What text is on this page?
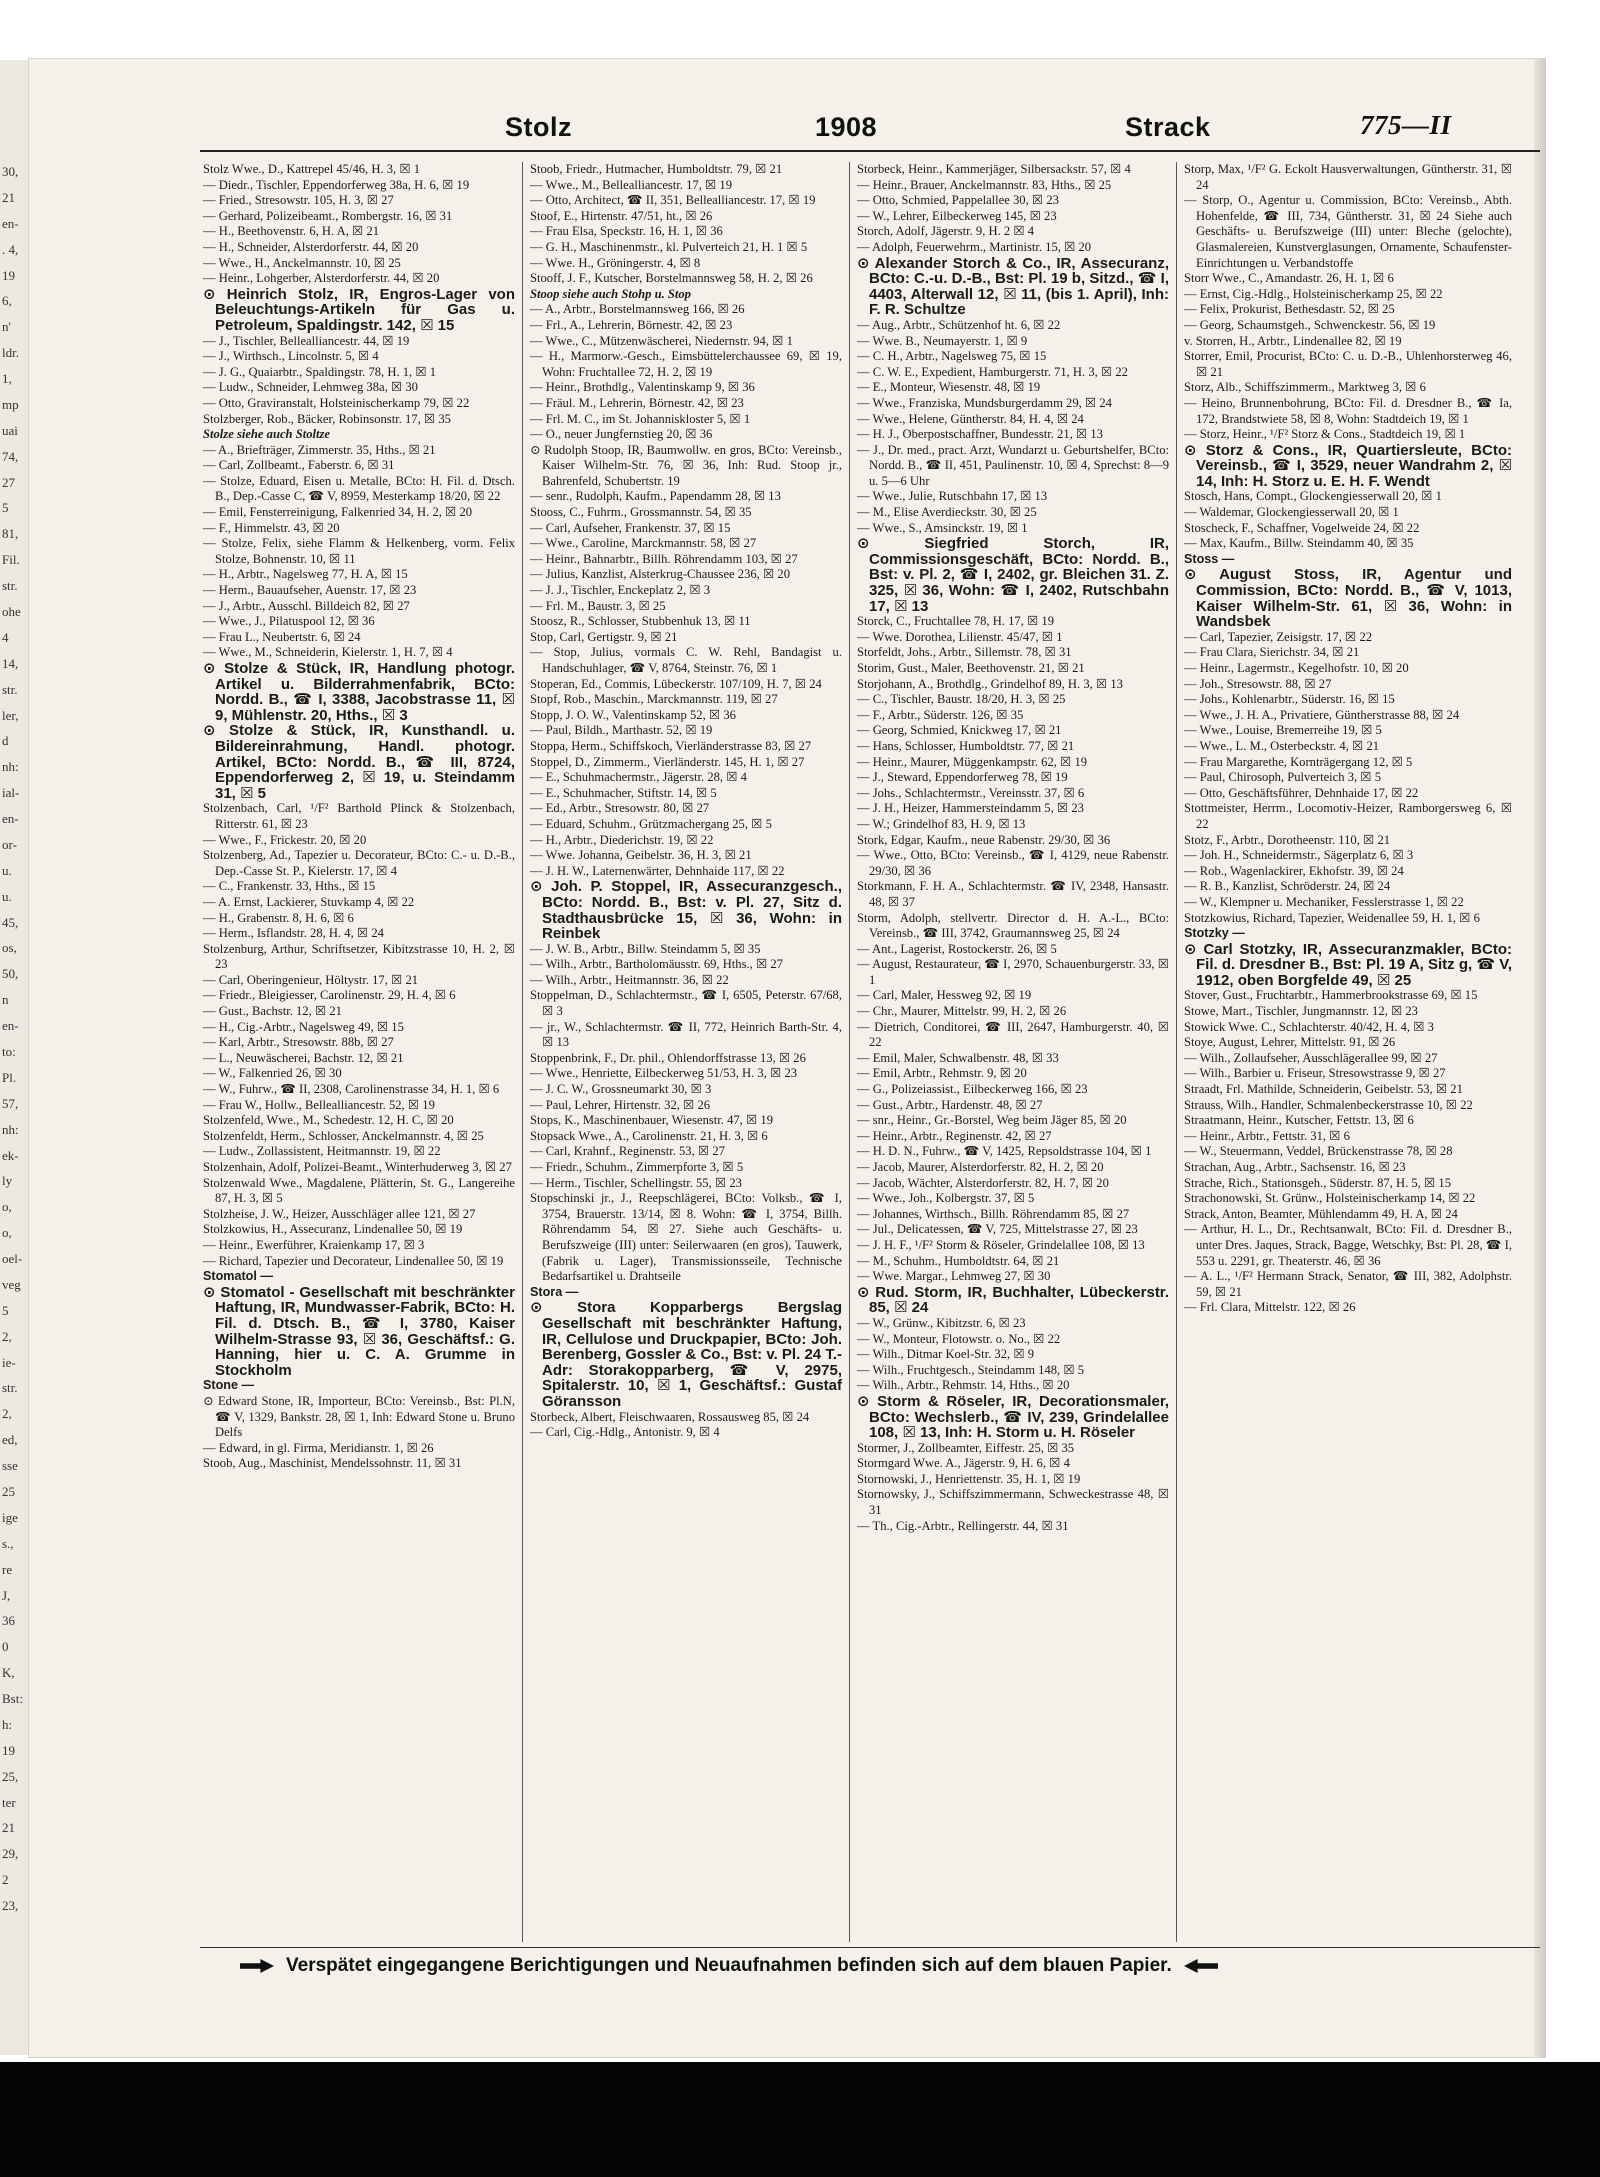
Stolz	1908	Strack	775—II
30,
21
en-
. 4,
19
6,
n'
ldr.
1,
mp
uai
74,
27
5
81,
Fil.
str.
ohe
4
14,
str.
ler,
d
nh:
ial-
en-
or-
u.
u.
45,
os,
50,
n
en-
to:
Pl.
57,
nh:
ek-
ly
o,
o,
oel-
veg
5
2,
ie-
str.
2,
ed,
sse
25
ige
s.,
re
J,
36
0
K,
Bst:
h:
19
25,
ter
21
29,
2
23,

Stolz Wwe., D., Kattrepel 45/46, H. 3, ☒ 1

— Diedr., Tischler, Eppendorferweg 38a, H. 6, ☒ 19

— Fried., Stresowstr. 105, H. 3, ☒ 27

— Gerhard, Polizeibeamt., Rombergstr. 16, ☒ 31

— H., Beethovenstr. 6, H. A, ☒ 21

— H., Schneider, Alsterdorferstr. 44, ☒ 20

— Wwe., H., Anckelmannstr. 10, ☒ 25

— Heinr., Lohgerber, Alsterdorferstr. 44, ☒ 20

⊙ Heinrich Stolz, IR, Engros-Lager von Beleuchtungs-Artikeln für Gas u. Petroleum, Spaldingstr. 142, ☒ 15

— J., Tischler, Bellealliancestr. 44, ☒ 19

— J., Wirthsch., Lincolnstr. 5, ☒ 4

— J. G., Quaiarbtr., Spaldingstr. 78, H. 1, ☒ 1

— Ludw., Schneider, Lehmweg 38a, ☒ 30

— Otto, Graviranstalt, Holsteinischerkamp 79, ☒ 22

Stolzberger, Rob., Bäcker, Robinsonstr. 17, ☒ 35

Stolze siehe auch Stoltze

— A., Briefträger, Zimmerstr. 35, Hths., ☒ 21

— Carl, Zollbeamt., Faberstr. 6, ☒ 31

— Stolze, Eduard, Eisen u. Metalle, BCto: H. Fil. d. Dtsch. B., Dep.-Casse C, ☎ V, 8959, Mesterkamp 18/20, ☒ 22

— Emil, Fensterreinigung, Falkenried 34, H. 2, ☒ 20

— F., Himmelstr. 43, ☒ 20

— Stolze, Felix, siehe Flamm & Helkenberg, vorm. Felix Stolze, Bohnenstr. 10, ☒ 11

— H., Arbtr., Nagelsweg 77, H. A, ☒ 15

— Herm., Bauaufseher, Auenstr. 17, ☒ 23

— J., Arbtr., Ausschl. Billdeich 82, ☒ 27

— Wwe., J., Pilatuspool 12, ☒ 36

— Frau L., Neubertstr. 6, ☒ 24

— Wwe., M., Schneiderin, Kielerstr. 1, H. 7, ☒ 4

⊙ Stolze & Stück, IR, Handlung photogr. Artikel u. Bilderrahmenfabrik, BCto: Nordd. B., ☎ I, 3388, Jacobstrasse 11, ☒ 9, Mühlenstr. 20, Hths., ☒ 3

⊙ Stolze & Stück, IR, Kunsthandl. u. Bildereinrahmung, Handl. photogr. Artikel, BCto: Nordd. B., ☎ III, 8724, Eppendorferweg 2, ☒ 19, u. Steindamm 31, ☒ 5

Stolzenbach, Carl, ¹/F² Barthold Plinck & Stolzenbach, Ritterstr. 61, ☒ 23

— Wwe., F., Frickestr. 20, ☒ 20

Stolzenberg, Ad., Tapezier u. Decorateur, BCto: C.- u. D.-B., Dep.-Casse St. P., Kielerstr. 17, ☒ 4

— C., Frankenstr. 33, Hths., ☒ 15

— A. Ernst, Lackierer, Stuvkamp 4, ☒ 22

— H., Grabenstr. 8, H. 6, ☒ 6

— Herm., Isflandstr. 28, H. 4, ☒ 24

Stolzenburg, Arthur, Schriftsetzer, Kibitzstrasse 10, H. 2, ☒ 23

— Carl, Oberingenieur, Höltystr. 17, ☒ 21

— Friedr., Bleigiesser, Carolinenstr. 29, H. 4, ☒ 6

— Gust., Bachstr. 12, ☒ 21

— H., Cig.-Arbtr., Nagelsweg 49, ☒ 15

— Karl, Arbtr., Stresowstr. 88b, ☒ 27

— L., Neuwäscherei, Bachstr. 12, ☒ 21

— W., Falkenried 26, ☒ 30

— W., Fuhrw., ☎ II, 2308, Carolinenstrasse 34, H. 1, ☒ 6

— Frau W., Hollw., Bellealliancestr. 52, ☒ 19

Stolzenfeld, Wwe., M., Schedestr. 12, H. C, ☒ 20

Stolzenfeldt, Herm., Schlosser, Anckelmannstr. 4, ☒ 25

— Ludw., Zollassistent, Heitmannstr. 19, ☒ 22

Stolzenhain, Adolf, Polizei-Beamt., Winterhuderweg 3, ☒ 27

Stolzenwald Wwe., Magdalene, Plätterin, St. G., Langereihe 87, H. 3, ☒ 5

Stolzheise, J. W., Heizer, Ausschläger allee 121, ☒ 27

Stolzkowius, H., Assecuranz, Lindenallee 50, ☒ 19

— Heinr., Ewerführer, Kraienkamp 17, ☒ 3

— Richard, Tapezier und Decorateur, Lindenallee 50, ☒ 19

Stomatol —

⊙ Stomatol - Gesellschaft mit beschränkter Haftung, IR, Mundwasser-Fabrik, BCto: H. Fil. d. Dtsch. B., ☎ I, 3780, Kaiser Wilhelm-Strasse 93, ☒ 36, Geschäftsf.: G. Hanning, hier u. C. A. Grumme in Stockholm

Stone —

⊙ Edward Stone, IR, Importeur, BCto: Vereinsb., Bst: Pl.N, ☎ V, 1329, Bankstr. 28, ☒ 1, Inh: Edward Stone u. Bruno Delfs

— Edward, in gl. Firma, Meridianstr. 1, ☒ 26

Stoob, Aug., Maschinist, Mendelssohnstr. 11, ☒ 31

Stoob, Friedr., Hutmacher, Humboldtstr. 79, ☒ 21

— Wwe., M., Bellealliancestr. 17, ☒ 19

— Otto, Architect, ☎ II, 351, Bellealliancestr. 17, ☒ 19

Stoof, E., Hirtenstr. 47/51, ht., ☒ 26

— Frau Elsa, Speckstr. 16, H. 1, ☒ 36

— G. H., Maschinenmstr., kl. Pulverteich 21, H. 1 ☒ 5

— Wwe. H., Gröningerstr. 4, ☒ 8

Stooff, J. F., Kutscher, Borstelmannsweg 58, H. 2, ☒ 26

Stoop siehe auch Stohp u. Stop

— A., Arbtr., Borstelmannsweg 166, ☒ 26

— Frl., A., Lehrerin, Börnestr. 42, ☒ 23

— Wwe., C., Mützenwäscherei, Niedernstr. 94, ☒ 1

— H., Marmorw.-Gesch., Eimsbüttelerchaussee 69, ☒ 19, Wohn: Fruchtallee 72, H. 2, ☒ 19

— Heinr., Brothdlg., Valentinskamp 9, ☒ 36

— Fräul. M., Lehrerin, Börnestr. 42, ☒ 23

— Frl. M. C., im St. Johanniskloster 5, ☒ 1

— O., neuer Jungfernstieg 20, ☒ 36

⊙ Rudolph Stoop, IR, Baumwollw. en gros, BCto: Vereinsb., Kaiser Wilhelm-Str. 76, ☒ 36, Inh: Rud. Stoop jr., Bahrenfeld, Schubertstr. 19

— senr., Rudolph, Kaufm., Papendamm 28, ☒ 13

Stooss, C., Fuhrm., Grossmannstr. 54, ☒ 35

— Carl, Aufseher, Frankenstr. 37, ☒ 15

— Wwe., Caroline, Marckmannstr. 58, ☒ 27

— Heinr., Bahnarbtr., Billh. Röhrendamm 103, ☒ 27

— Julius, Kanzlist, Alsterkrug-Chaussee 236, ☒ 20

— J. J., Tischler, Enckeplatz 2, ☒ 3

— Frl. M., Baustr. 3, ☒ 25

Stoosz, R., Schlosser, Stubbenhuk 13, ☒ 11

Stop, Carl, Gertigstr. 9, ☒ 21

— Stop, Julius, vormals C. W. Rehl, Bandagist u. Handschuhlager, ☎ V, 8764, Steinstr. 76, ☒ 1

Stoperan, Ed., Commis, Lübeckerstr. 107/109, H. 7, ☒ 24

Stopf, Rob., Maschin., Marckmannstr. 119, ☒ 27

Stopp, J. O. W., Valentinskamp 52, ☒ 36

— Paul, Bildh., Marthastr. 52, ☒ 19

Stoppa, Herm., Schiffskoch, Vierländerstrasse 83, ☒ 27

Stoppel, D., Zimmerm., Vierländerstr. 145, H. 1, ☒ 27

— E., Schuhmachermstr., Jägerstr. 28, ☒ 4

— E., Schuhmacher, Stiftstr. 14, ☒ 5

— Ed., Arbtr., Stresowstr. 80, ☒ 27

— Eduard, Schuhm., Grützmachergang 25, ☒ 5

— H., Arbtr., Diederichstr. 19, ☒ 22

— Wwe. Johanna, Geibelstr. 36, H. 3, ☒ 21

— J. H. W., Laternenwärter, Dehnhaide 117, ☒ 22

⊙ Joh. P. Stoppel, IR, Assecuranzgesch., BCto: Nordd. B., Bst: v. Pl. 27, Sitz d. Stadthausbrücke 15, ☒ 36, Wohn: in Reinbek

— J. W. B., Arbtr., Billw. Steindamm 5, ☒ 35

— Wilh., Arbtr., Bartholomäusstr. 69, Hths., ☒ 27

— Wilh., Arbtr., Heitmannstr. 36, ☒ 22

Stoppelman, D., Schlachtermstr., ☎ I, 6505, Peterstr. 67/68, ☒ 3

— jr., W., Schlachtermstr. ☎ II, 772, Heinrich Barth-Str. 4, ☒ 13

Stoppenbrink, F., Dr. phil., Ohlendorffstrasse 13, ☒ 26

— Wwe., Henriette, Eilbeckerweg 51/53, H. 3, ☒ 23

— J. C. W., Grossneumarkt 30, ☒ 3

— Paul, Lehrer, Hirtenstr. 32, ☒ 26

Stops, K., Maschinenbauer, Wiesenstr. 47, ☒ 19

Stopsack Wwe., A., Carolinenstr. 21, H. 3, ☒ 6

— Carl, Krahnf., Reginenstr. 53, ☒ 27

— Friedr., Schuhm., Zimmerpforte 3, ☒ 5

— Herm., Tischler, Schellingstr. 55, ☒ 23

Stopschinski jr., J., Reepschlägerei, BCto: Volksb., ☎ I, 3754, Brauerstr. 13/14, ☒ 8. Wohn: ☎ I, 3754, Billh. Röhrendamm 54, ☒ 27. Siehe auch Geschäfts- u. Berufszweige (III) unter: Seilerwaaren (en gros), Tauwerk, (Fabrik u. Lager), Transmissionsseile, Technische Bedarfsartikel u. Drahtseile

Stora —

⊙ Stora Kopparbergs Bergslag Gesellschaft mit beschränkter Haftung, IR, Cellulose und Druckpapier, BCto: Joh. Berenberg, Gossler & Co., Bst: v. Pl. 24 T.-Adr: Storakopparberg, ☎ V, 2975, Spitalerstr. 10, ☒ 1, Geschäftsf.: Gustaf Göransson

Storbeck, Albert, Fleischwaaren, Rossausweg 85, ☒ 24

— Carl, Cig.-Hdlg., Antonistr. 9, ☒ 4

Storbeck, Heinr., Kammerjäger, Silbersackstr. 57, ☒ 4

— Heinr., Brauer, Anckelmannstr. 83, Hths., ☒ 25

— Otto, Schmied, Pappelallee 30, ☒ 23

— W., Lehrer, Eilbeckerweg 145, ☒ 23

Storch, Adolf, Jägerstr. 9, H. 2 ☒ 4

— Adolph, Feuerwehrm., Martinistr. 15, ☒ 20

⊙ Alexander Storch & Co., IR, Assecuranz, BCto: C.-u. D.-B., Bst: Pl. 19 b, Sitzd., ☎ I, 4403, Alterwall 12, ☒ 11, (bis 1. April), Inh: F. R. Schultze

— Aug., Arbtr., Schützenhof ht. 6, ☒ 22

— Wwe. B., Neumayerstr. 1, ☒ 9

— C. H., Arbtr., Nagelsweg 75, ☒ 15

— C. W. E., Expedient, Hamburgerstr. 71, H. 3, ☒ 22

— E., Monteur, Wiesenstr. 48, ☒ 19

— Wwe., Franziska, Mundsburgerdamm 29, ☒ 24

— Wwe., Helene, Güntherstr. 84, H. 4, ☒ 24

— H. J., Oberpostschaffner, Bundesstr. 21, ☒ 13

— J., Dr. med., pract. Arzt, Wundarzt u. Geburtshelfer, BCto: Nordd. B., ☎ II, 451, Paulinenstr. 10, ☒ 4, Sprechst: 8—9 u. 5—6 Uhr

— Wwe., Julie, Rutschbahn 17, ☒ 13

— M., Elise Averdieckstr. 30, ☒ 25

— Wwe., S., Amsinckstr. 19, ☒ 1

⊙ Siegfried Storch, IR, Commissionsgeschäft, BCto: Nordd. B., Bst: v. Pl. 2, ☎ I, 2402, gr. Bleichen 31. Z. 325, ☒ 36, Wohn: ☎ I, 2402, Rutschbahn 17, ☒ 13

Storck, C., Fruchtallee 78, H. 17, ☒ 19

— Wwe. Dorothea, Lilienstr. 45/47, ☒ 1

Storfeldt, Johs., Arbtr., Sillemstr. 78, ☒ 31

Storim, Gust., Maler, Beethovenstr. 21, ☒ 21

Storjohann, A., Brothdlg., Grindelhof 89, H. 3, ☒ 13

— C., Tischler, Baustr. 18/20, H. 3, ☒ 25

— F., Arbtr., Süderstr. 126, ☒ 35

— Georg, Schmied, Knickweg 17, ☒ 21

— Hans, Schlosser, Humboldtstr. 77, ☒ 21

— Heinr., Maurer, Müggenkampstr. 62, ☒ 19

— J., Steward, Eppendorferweg 78, ☒ 19

— Johs., Schlachtermstr., Vereinsstr. 37, ☒ 6

— J. H., Heizer, Hammersteindamm 5, ☒ 23

— W.; Grindelhof 83, H. 9, ☒ 13

Stork, Edgar, Kaufm., neue Rabenstr. 29/30, ☒ 36

— Wwe., Otto, BCto: Vereinsb., ☎ I, 4129, neue Rabenstr. 29/30, ☒ 36

Storkmann, F. H. A., Schlachtermstr. ☎ IV, 2348, Hansastr. 48, ☒ 37

Storm, Adolph, stellvertr. Director d. H. A.-L., BCto: Vereinsb., ☎ III, 3742, Graumannsweg 25, ☒ 24

— Ant., Lagerist, Rostockerstr. 26, ☒ 5

— August, Restaurateur, ☎ I, 2970, Schauenburgerstr. 33, ☒ 1

— Carl, Maler, Hessweg 92, ☒ 19

— Chr., Maurer, Mittelstr. 99, H. 2, ☒ 26

— Dietrich, Conditorei, ☎ III, 2647, Hamburgerstr. 40, ☒ 22

— Emil, Maler, Schwalbenstr. 48, ☒ 33

— Emil, Arbtr., Rehmstr. 9, ☒ 20

— G., Polizeiassist., Eilbeckerweg 166, ☒ 23

— Gust., Arbtr., Hardenstr. 48, ☒ 27

— snr., Heinr., Gr.-Borstel, Weg beim Jäger 85, ☒ 20

— Heinr., Arbtr., Reginenstr. 42, ☒ 27

— H. D. N., Fuhrw., ☎ V, 1425, Repsoldstrasse 104, ☒ 1

— Jacob, Maurer, Alsterdorferstr. 82, H. 2, ☒ 20

— Jacob, Wächter, Alsterdorferstr. 82, H. 7, ☒ 20

— Wwe., Joh., Kolbergstr. 37, ☒ 5

— Johannes, Wirthsch., Billh. Röhrendamm 85, ☒ 27

— Jul., Delicatessen, ☎ V, 725, Mittelstrasse 27, ☒ 23

— J. H. F., ¹/F² Storm & Röseler, Grindelallee 108, ☒ 13

— M., Schuhm., Humboldtstr. 64, ☒ 21

— Wwe. Margar., Lehmweg 27, ☒ 30

⊙ Rud. Storm, IR, Buchhalter, Lübeckerstr. 85, ☒ 24

— W., Grünw., Kibitzstr. 6, ☒ 23

— W., Monteur, Flotowstr. o. No., ☒ 22

— Wilh., Ditmar Koel-Str. 32, ☒ 9

— Wilh., Fruchtgesch., Steindamm 148, ☒ 5

— Wilh., Arbtr., Rehmstr. 14, Hths., ☒ 20

⊙ Storm & Röseler, IR, Decorationsmaler, BCto: Wechslerb., ☎ IV, 239, Grindelallee 108, ☒ 13, Inh: H. Storm u. H. Röseler

Stormer, J., Zollbeamter, Eiffestr. 25, ☒ 35

Stormgard Wwe. A., Jägerstr. 9, H. 6, ☒ 4

Stornowski, J., Henriettenstr. 35, H. 1, ☒ 19

Stornowsky, J., Schiffszimmermann, Schweckestrasse 48, ☒ 31

— Th., Cig.-Arbtr., Rellingerstr. 44, ☒ 31

Storp, Max, ¹/F² G. Eckolt Hausverwaltungen, Güntherstr. 31, ☒ 24

— Storp, O., Agentur u. Commission, BCto: Vereinsb., Abth. Hohenfelde, ☎ III, 734, Güntherstr. 31, ☒ 24 Siehe auch Geschäfts- u. Berufszweige (III) unter: Bleche (gelochte), Glasmalereien, Kunstverglasungen, Ornamente, Schaufenster-Einrichtungen u. Verbandstoffe

Storr Wwe., C., Amandastr. 26, H. 1, ☒ 6

— Ernst, Cig.-Hdlg., Holsteinischerkamp 25, ☒ 22

— Felix, Prokurist, Bethesdastr. 52, ☒ 25

— Georg, Schaumstgeh., Schwenckestr. 56, ☒ 19

v. Storren, H., Arbtr., Lindenallee 82, ☒ 19

Storrer, Emil, Procurist, BCto: C. u. D.-B., Uhlenhorsterweg 46, ☒ 21

Storz, Alb., Schiffszimmerm., Marktweg 3, ☒ 6

— Heino, Brunnenbohrung, BCto: Fil. d. Dresdner B., ☎ Ia, 172, Brandstwiete 58, ☒ 8, Wohn: Stadtdeich 19, ☒ 1

— Storz, Heinr., ¹/F² Storz & Cons., Stadtdeich 19, ☒ 1

⊙ Storz & Cons., IR, Quartiersleute, BCto: Vereinsb., ☎ I, 3529, neuer Wandrahm 2, ☒ 14, Inh: H. Storz u. E. H. F. Wendt

Stosch, Hans, Compt., Glockengiesserwall 20, ☒ 1

— Waldemar, Glockengiesserwall 20, ☒ 1

Stoscheck, F., Schaffner, Vogelweide 24, ☒ 22

— Max, Kaufm., Billw. Steindamm 40, ☒ 35

Stoss —

⊙ August Stoss, IR, Agentur und Commission, BCto: Nordd. B., ☎ V, 1013, Kaiser Wilhelm-Str. 61, ☒ 36, Wohn: in Wandsbek

— Carl, Tapezier, Zeisigstr. 17, ☒ 22

— Frau Clara, Sierichstr. 34, ☒ 21

— Heinr., Lagermstr., Kegelhofstr. 10, ☒ 20

— Joh., Stresowstr. 88, ☒ 27

— Johs., Kohlenarbtr., Süderstr. 16, ☒ 15

— Wwe., J. H. A., Privatiere, Güntherstrasse 88, ☒ 24

— Wwe., Louise, Bremerreihe 19, ☒ 5

— Wwe., L. M., Osterbeckstr. 4, ☒ 21

— Frau Margarethe, Kornträgergang 12, ☒ 5

— Paul, Chirosoph, Pulverteich 3, ☒ 5

— Otto, Geschäftsführer, Dehnhaide 17, ☒ 22

Stottmeister, Herrm., Locomotiv-Heizer, Ramborgersweg 6, ☒ 22

Stotz, F., Arbtr., Dorotheenstr. 110, ☒ 21

— Joh. H., Schneidermstr., Sägerplatz 6, ☒ 3

— Rob., Wagenlackirer, Ekhofstr. 39, ☒ 24

— R. B., Kanzlist, Schröderstr. 24, ☒ 24

— W., Klempner u. Mechaniker, Fesslerstrasse 1, ☒ 22

Stotzkowius, Richard, Tapezier, Weidenallee 59, H. 1, ☒ 6

Stotzky —

⊙ Carl Stotzky, IR, Assecuranzmakler, BCto: Fil. d. Dresdner B., Bst: Pl. 19 A, Sitz g, ☎ V, 1912, oben Borgfelde 49, ☒ 25

Stover, Gust., Fruchtarbtr., Hammerbrookstrasse 69, ☒ 15

Stowe, Mart., Tischler, Jungmannstr. 12, ☒ 23

Stowick Wwe. C., Schlachterstr. 40/42, H. 4, ☒ 3

Stoye, August, Lehrer, Mittelstr. 91, ☒ 26

— Wilh., Zollaufseher, Ausschlägerallee 99, ☒ 27

— Wilh., Barbier u. Friseur, Stresowstrasse 9, ☒ 27

Straadt, Frl. Mathilde, Schneiderin, Geibelstr. 53, ☒ 21

Strauss, Wilh., Handler, Schmalenbeckerstrasse 10, ☒ 22

Straatmann, Heinr., Kutscher, Fettstr. 13, ☒ 6

— Heinr., Arbtr., Fettstr. 31, ☒ 6

— W., Steuermann, Veddel, Brückenstrasse 78, ☒ 28

Strachan, Aug., Arbtr., Sachsenstr. 16, ☒ 23

Strache, Rich., Stationsgeh., Süderstr. 87, H. 5, ☒ 15

Strachonowski, St. Grünw., Holsteinischerkamp 14, ☒ 22

Strack, Anton, Beamter, Mühlendamm 49, H. A, ☒ 24

— Arthur, H. L., Dr., Rechtsanwalt, BCto: Fil. d. Dresdner B., unter Dres. Jaques, Strack, Bagge, Wetschky, Bst: Pl. 28, ☎ I, 553 u. 2291, gr. Theaterstr. 46, ☒ 36

— A. L., ¹/F² Hermann Strack, Senator, ☎ III, 382, Adolphstr. 59, ☒ 21

— Frl. Clara, Mittelstr. 122, ☒ 26

Verspätet eingegangene Berichtigungen und Neuaufnahmen befinden sich auf dem blauen Papier.
